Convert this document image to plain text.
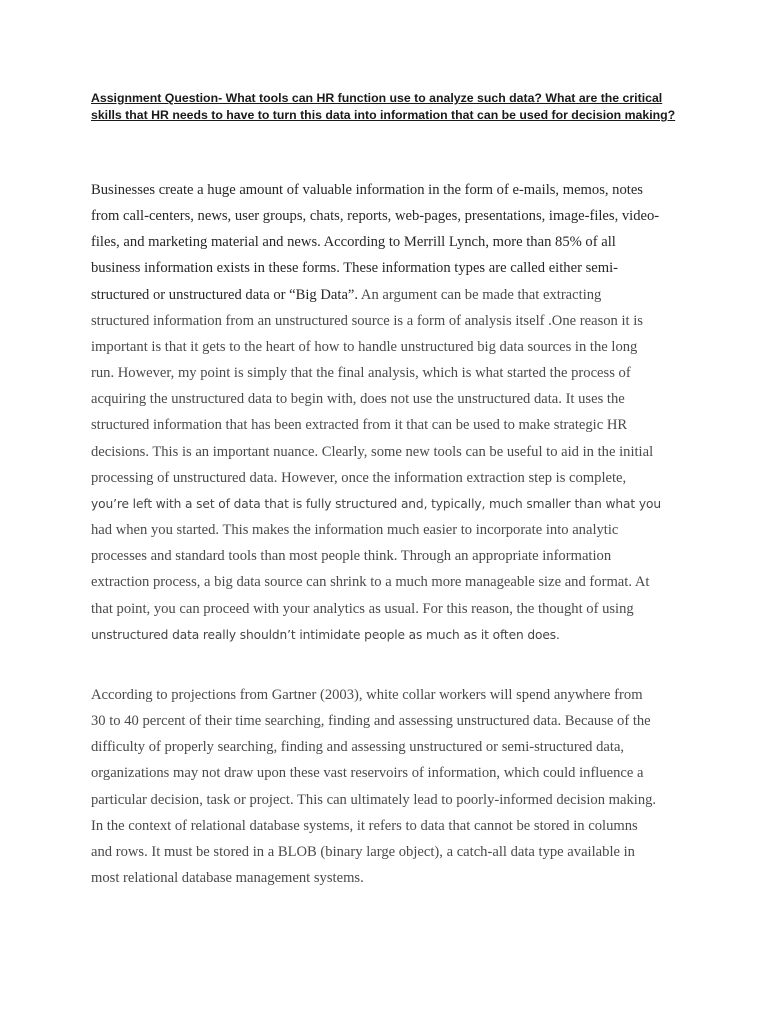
Assignment Question- What tools can HR function use to analyze such data? What are the critical skills that HR needs to have to turn this data into information that can be used for decision making?

Businesses create a huge amount of valuable information in the form of e-mails, memos, notes
from call-centers, news, user groups, chats, reports, web-pages, presentations, image-files, video-
files, and marketing material and news. According to Merrill Lynch, more than 85% of all
business information exists in these forms. These information types are called either semi-
structured or unstructured data or “Big Data”. An argument can be made that extracting
structured information from an unstructured source is a form of analysis itself .One reason it is
important is that it gets to the heart of how to handle unstructured big data sources in the long
run. However, my point is simply that the final analysis, which is what started the process of
acquiring the unstructured data to begin with, does not use the unstructured data. It uses the
structured information that has been extracted from it that can be used to make strategic HR
decisions. This is an important nuance. Clearly, some new tools can be useful to aid in the initial
processing of unstructured data. However, once the information extraction step is complete,
you’re left with a set of data that is fully structured and, typically, much smaller than what you
had when you started. This makes the information much easier to incorporate into analytic
processes and standard tools than most people think. Through an appropriate information
extraction process, a big data source can shrink to a much more manageable size and format. At
that point, you can proceed with your analytics as usual. For this reason, the thought of using
unstructured data really shouldn’t intimidate people as much as it often does.
According to projections from Gartner (2003), white collar workers will spend anywhere from
30 to 40 percent of their time searching, finding and assessing unstructured data. Because of the
difficulty of properly searching, finding and assessing unstructured or semi-structured data,
organizations may not draw upon these vast reservoirs of information, which could influence a
particular decision, task or project. This can ultimately lead to poorly-informed decision making.
In the context of relational database systems, it refers to data that cannot be stored in columns
and rows. It must be stored in a BLOB (binary large object), a catch-all data type available in
most relational database management systems.
